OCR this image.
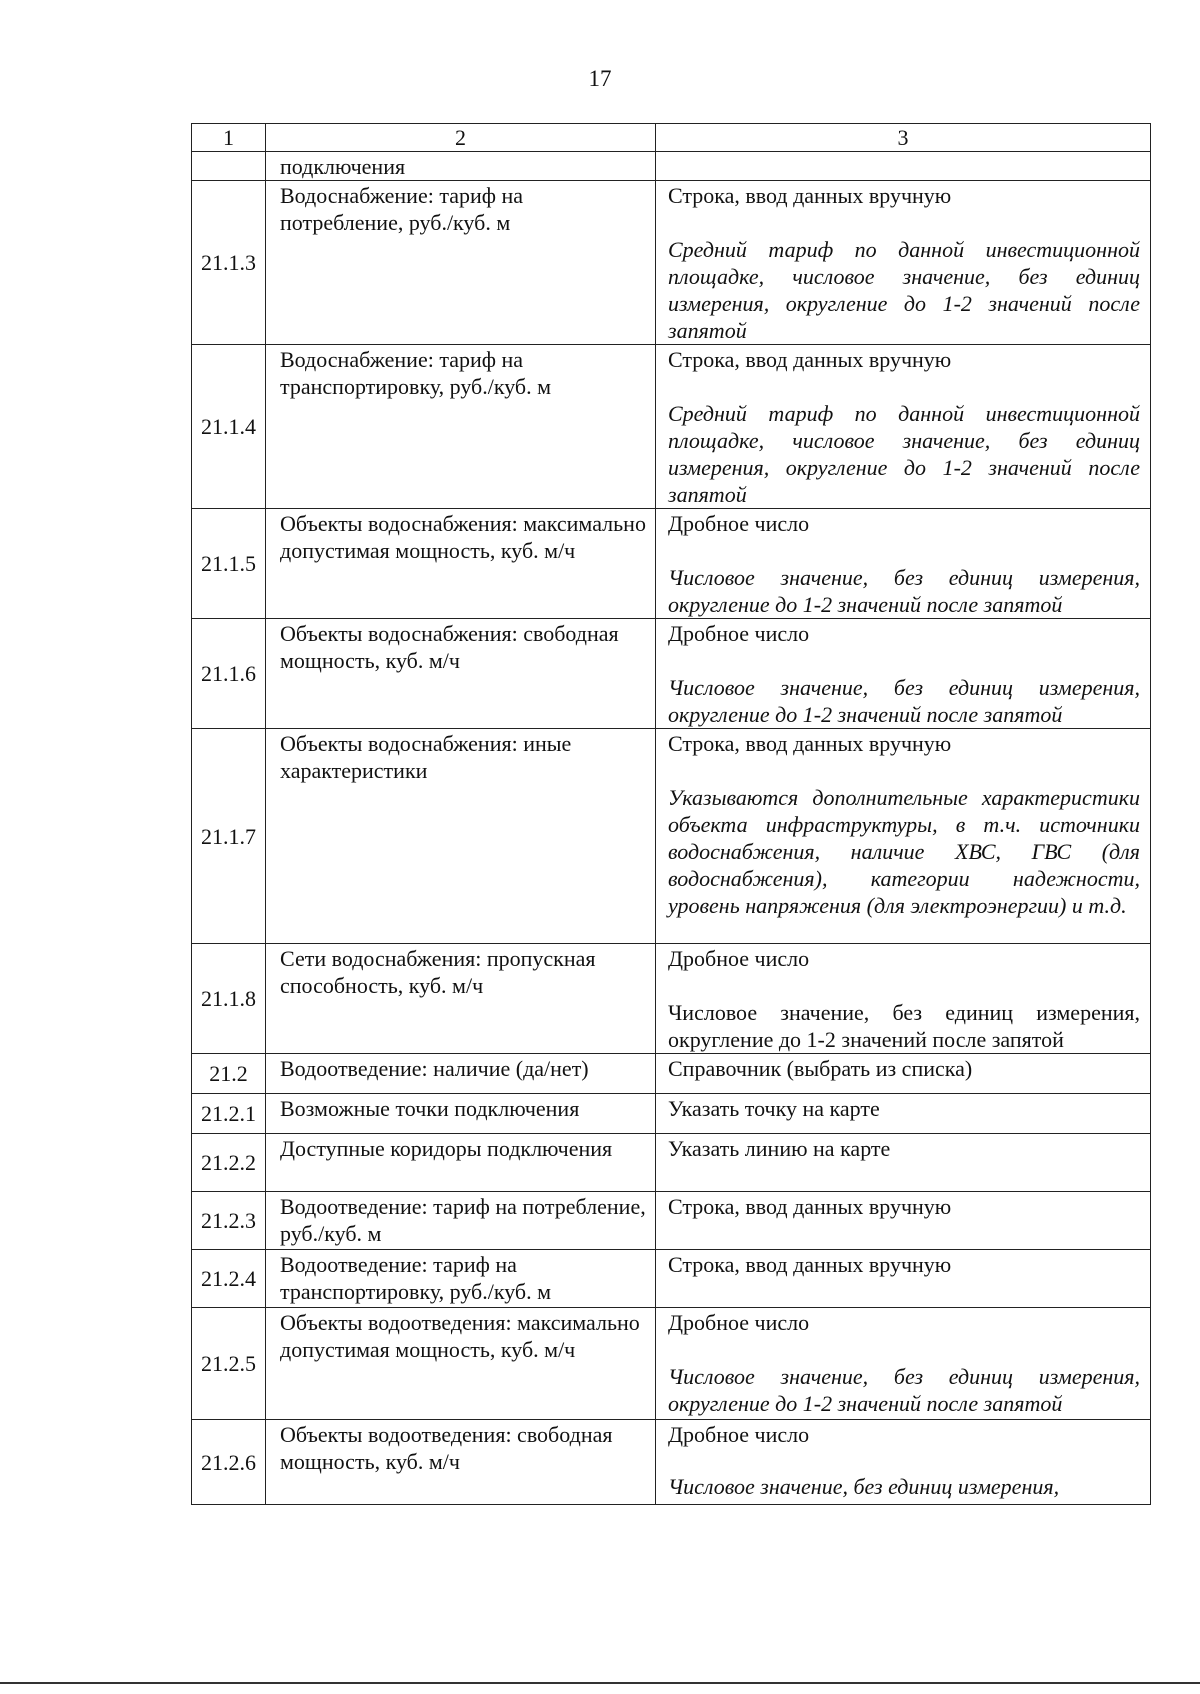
17
1	2	3
	подключения	
21.1.3	Водоснабжение: тариф на потребление, руб./куб. м	Строка, ввод данных вручную
Средний тариф по данной инвестиционной площадке, числовое значение, без единиц измерения, округление до 1-2 значений после запятой

21.1.4	Водоснабжение: тариф на транспортировку, руб./куб. м	Строка, ввод данных вручную
Средний тариф по данной инвестиционной площадке, числовое значение, без единиц измерения, округление до 1-2 значений после запятой

21.1.5	Объекты водоснабжения: максимально допустимая мощность, куб. м/ч	Дробное число
Числовое значение, без единиц измерения, округление до 1-2 значений после запятой

21.1.6	Объекты водоснабжения: свободная мощность, куб. м/ч	Дробное число
Числовое значение, без единиц измерения, округление до 1-2 значений после запятой

21.1.7	Объекты водоснабжения: иные характеристики	Строка, ввод данных вручную
Указываются дополнительные характеристики объекта инфраструктуры, в т.ч. источники водоснабжения, наличие ХВС, ГВС (для водоснабжения), категории надежности, уровень напряжения (для электроэнергии) и т.д.

21.1.8	Сети водоснабжения: пропускная способность, куб. м/ч	Дробное число
Числовое значение, без единиц измерения, округление до 1-2 значений после запятой

21.2	Водоотведение: наличие (да/нет)	Справочник (выбрать из списка)
21.2.1	Возможные точки подключения	Указать точку на карте
21.2.2	Доступные коридоры подключения	Указать линию на карте
21.2.3	Водоотведение: тариф на потребление, руб./куб. м	Строка, ввод данных вручную
21.2.4	Водоотведение: тариф на транспортировку, руб./куб. м	Строка, ввод данных вручную
21.2.5	Объекты водоотведения: максимально допустимая мощность, куб. м/ч	Дробное число
Числовое значение, без единиц измерения, округление до 1-2 значений после запятой

21.2.6	Объекты водоотведения: свободная мощность, куб. м/ч	Дробное число
Числовое значение, без единиц измерения,
